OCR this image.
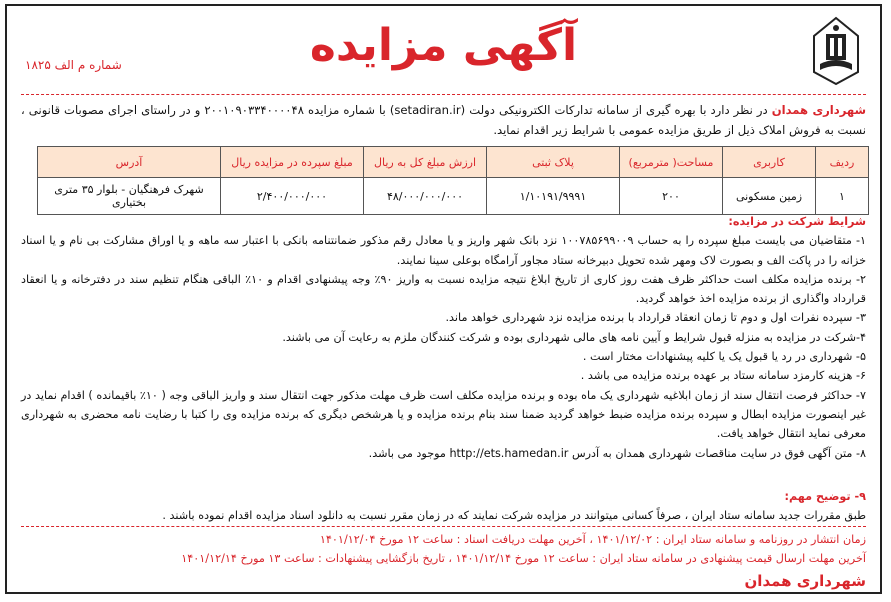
آگهی مزایده
شماره م الف ۱۸۲۵
شهرداری همدان در نظر دارد با بهره گیری از سامانه تدارکات الکترونیکی دولت (setadiran.ir) با شماره مزایده ۲۰۰۱۰۹۰۳۳۴۰۰۰۰۴۸ و در راستای اجرای مصوبات قانونی ، نسبت به فروش املاک ذیل از طریق مزایده عمومی با شرایط زیر اقدام نماید.
ردیف	کاربری	مساحت( مترمربع)	پلاک ثبتی	ارزش مبلغ کل به ریال	مبلغ سپرده در مزایده ریال	آدرس
۱	زمین مسکونی	۲۰۰	۱/۱۰۱۹۱/۹۹۹۱	۴۸/۰۰۰/۰۰۰/۰۰۰	۲/۴۰۰/۰۰۰/۰۰۰	شهرک فرهنگیان - بلوار ۳۵ متری بختیاری

شرایط شرکت در مزایده:

۱- متقاضیان می بایست مبلغ سپرده را به حساب ۱۰۰۷۸۵۶۹۹۰۰۹ نزد بانک شهر واریز و یا معادل رقم مذکور ضمانتنامه بانکی با اعتبار سه ماهه و یا اوراق مشارکت بی نام و یا اسناد خزانه را در پاکت الف و بصورت لاک ومهر شده تحویل دبیرخانه ستاد مجاور آرامگاه بوعلی سینا نمایند.

۲- برنده مزایده مکلف است حداکثر ظرف هفت روز کاری از تاریخ ابلاغ نتیجه مزایده نسبت به واریز ۹۰٪ وجه پیشنهادی اقدام و ۱۰٪ الباقی هنگام تنظیم سند در دفترخانه و یا انعقاد قرارداد واگذاری از برنده مزایده اخذ خواهد گردید.

۳- سپرده نفرات اول و دوم تا زمان انعقاد قرارداد با برنده مزایده نزد شهرداری خواهد ماند.

۴-شرکت در مزایده به منزله قبول شرایط و آیین نامه های مالی شهرداری بوده و شرکت کنندگان ملزم به رعایت آن می باشند.

۵- شهرداری در رد یا قبول یک یا کلیه پیشنهادات مختار است .

۶- هزینه کارمزد سامانه ستاد بر عهده برنده مزایده می باشد .

۷- حداکثر فرصت انتقال سند از زمان ابلاغیه شهرداری یک ماه بوده و برنده مزایده مکلف است ظرف مهلت مذکور جهت انتقال سند و واریز الباقی وجه ( ۱۰٪ باقیمانده ) اقدام نماید در غیر اینصورت مزایده ابطال و سپرده برنده مزایده ضبط خواهد گردید ضمنا سند بنام برنده مزایده و یا هرشخص دیگری که برنده مزایده وی را کتبا با رضایت نامه محضری به شهرداری معرفی نماید انتقال خواهد یافت.

۸- متن آگهی فوق در سایت مناقصات شهرداری همدان به آدرس http://ets.hamedan.ir موجود می باشد.

۹- توضیح مهم:
طبق مقررات جدید سامانه ستاد ایران ، صرفاً کسانی میتوانند در مزایده شرکت نمایند که در زمان مقرر نسبت به دانلود اسناد مزایده اقدام نموده باشند .
زمان انتشار در روزنامه و سامانه ستاد ایران : ۱۴۰۱/۱۲/۰۲ ، آخرین مهلت دریافت اسناد : ساعت ۱۲ مورخ ۱۴۰۱/۱۲/۰۴
آخرین مهلت ارسال قیمت پیشنهادی در سامانه ستاد ایران : ساعت ۱۲ مورخ ۱۴۰۱/۱۲/۱۴ ، تاریخ بازگشایی پیشنهادات : ساعت ۱۳ مورخ ۱۴۰۱/۱۲/۱۴
شهرداری همدان
